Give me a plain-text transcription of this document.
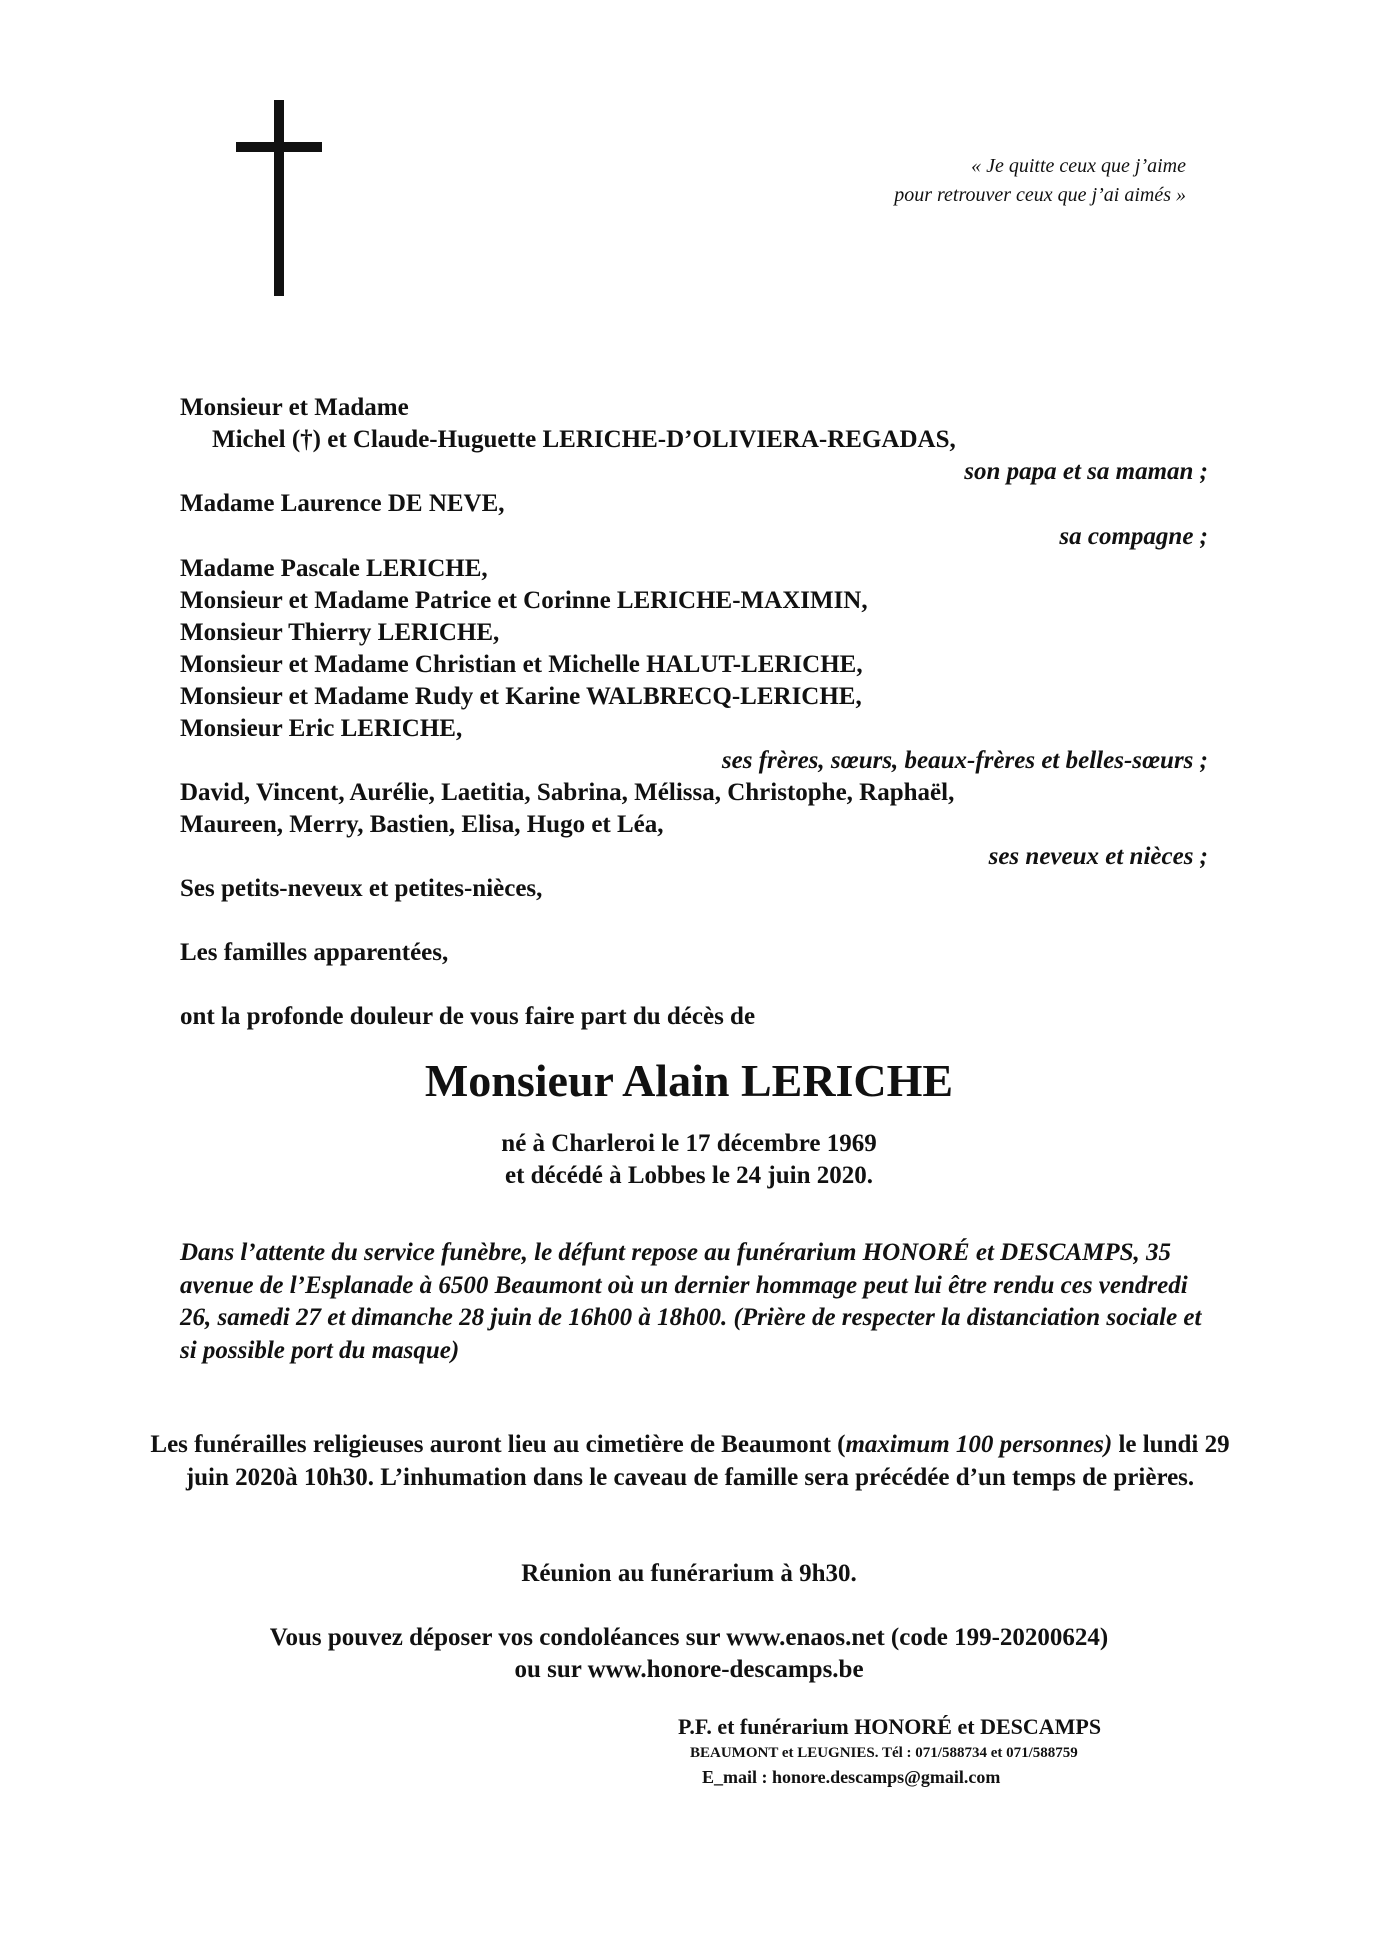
« Je quitte ceux que j’aime
pour retrouver ceux que j’ai aimés »
Monsieur et Madame
Michel (†) et Claude-Huguette LERICHE-D’OLIVIERA-REGADAS,
son papa et sa maman ;
Madame Laurence DE NEVE,
sa compagne ;
Madame Pascale LERICHE,
Monsieur et Madame Patrice et Corinne LERICHE-MAXIMIN,
Monsieur Thierry LERICHE,
Monsieur et Madame Christian et Michelle HALUT-LERICHE,
Monsieur et Madame Rudy et Karine WALBRECQ-LERICHE,
Monsieur Eric LERICHE,
ses frères, sœurs, beaux-frères et belles-sœurs ;
David, Vincent, Aurélie, Laetitia, Sabrina, Mélissa, Christophe, Raphaël,
Maureen, Merry, Bastien, Elisa, Hugo et Léa,
ses neveux et nièces ;
Ses petits-neveux et petites-nièces,
Les familles apparentées,
ont la profonde douleur de vous faire part du décès de
Monsieur Alain LERICHE
né à Charleroi le 17 décembre 1969
et décédé à Lobbes le 24 juin 2020.
Dans l’attente du service funèbre, le défunt repose au funérarium HONORÉ et DESCAMPS, 35 avenue de l’Esplanade à 6500 Beaumont où un dernier hommage peut lui être rendu ces vendredi 26, samedi 27 et dimanche 28 juin de 16h00 à 18h00. (Prière de respecter la distanciation sociale et si possible port du masque)
Les funérailles religieuses auront lieu au cimetière de Beaumont (maximum 100 personnes) le lundi 29 juin 2020à 10h30. L’inhumation dans le caveau de famille sera précédée d’un temps de prières.
Réunion au funérarium à 9h30.
Vous pouvez déposer vos condoléances sur www.enaos.net (code 199-20200624)
ou sur www.honore-descamps.be
P.F. et funérarium HONORÉ et DESCAMPS
BEAUMONT et LEUGNIES. Tél : 071/588734 et 071/588759
E_mail : honore.descamps@gmail.com
